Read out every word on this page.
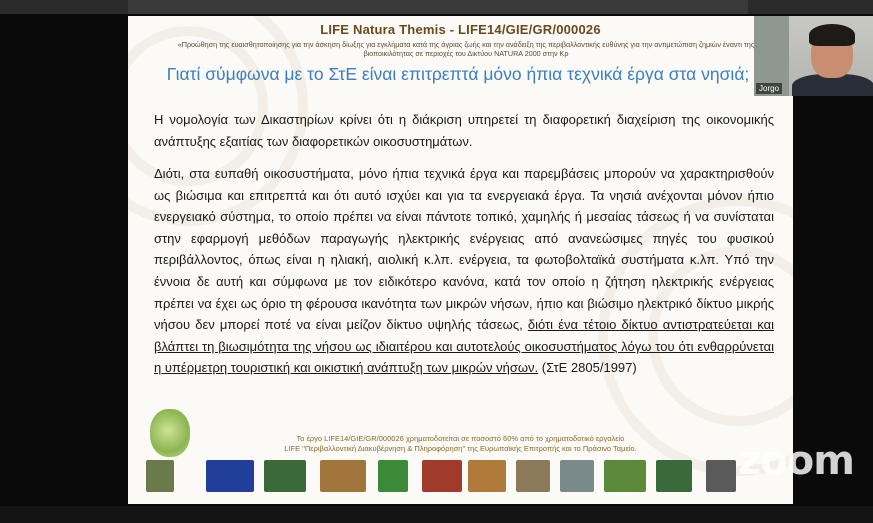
LIFE Natura Themis - LIFE14/GIE/GR/000026
«Προώθηση της ευαισθητοποίησης για την άσκηση δίωξης για εγκλήματα κατά της άγριας ζωής και την ανάδειξη της περιβαλλοντικής ευθύνης για την αντιμετώπιση ζημιών έναντι της βιοποικιλότητας σε περιοχές του Δικτύου NATURA 2000 στην Κρ
Γιατί σύμφωνα με το ΣτΕ είναι επιτρεπτά μόνο ήπια τεχνικά έργα στα νησιά;
Η νομολογία των Δικαστηρίων κρίνει ότι η διάκριση υπηρετεί τη διαφορετική διαχείριση της οικονομικής ανάπτυξης εξαιτίας των διαφορετικών οικοσυστημάτων.
Διότι, στα ευπαθή οικοσυστήματα, μόνο ήπια τεχνικά έργα και παρεμβάσεις μπορούν να χαρακτηρισθούν ως βιώσιμα και επιτρεπτά και ότι αυτό ισχύει και για τα ενεργειακά έργα. Τα νησιά ανέχονται μόνον ήπιο ενεργειακό σύστημα, το οποίο πρέπει να είναι πάντοτε τοπικό, χαμηλής ή μεσαίας τάσεως ή να συνίσταται στην εφαρμογή μεθόδων παραγωγής ηλεκτρικής ενέργειας από ανανεώσιμες πηγές του φυσικού περιβάλλοντος, όπως είναι η ηλιακή, αιολική κ.λπ. ενέργεια, τα φωτοβολταϊκά συστήματα κ.λπ. Υπό την έννοια δε αυτή και σύμφωνα με τον ειδικότερο κανόνα, κατά τον οποίο η ζήτηση ηλεκτρικής ενέργειας πρέπει να έχει ως όριο τη φέρουσα ικανότητα των μικρών νήσων, ήπιο και βιώσιμο ηλεκτρικό δίκτυο μικρής νήσου δεν μπορεί ποτέ να είναι μείζον δίκτυο υψηλής τάσεως, διότι ένα τέτοιο δίκτυο αντιστρατεύεται και βλάπτει τη βιωσιμότητα της νήσου ως ιδιαιτέρου και αυτοτελούς οικοσυστήματος λόγω του ότι ενθαρρύνεται η υπέρμετρη τουριστική και οικιστική ανάπτυξη των μικρών νήσων. (ΣτΕ 2805/1997)
Το έργο LIFE14/GIE/GR/000026 χρηματοδοτείται σε ποσοστό 60% από το χρηματοδοτικό εργαλείο
LIFE "Περιβαλλοντική Διακυβέρνηση & Πληροφόρηση" της Ευρωπαϊκής Επιτροπής και το Πράσινο Ταμείο.
Jorgo
zoom
